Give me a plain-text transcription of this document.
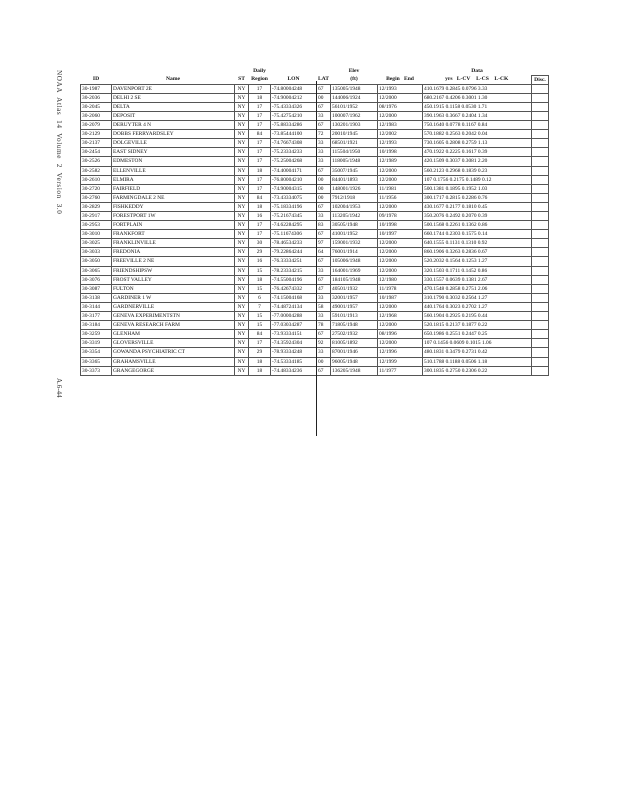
NOAA  Atlas  14  Volume  2  Version  3.0
A.6-44
			Daily			Elev		Data	
ID	Name	ST	Region	LON	LAT	(ft)	Begin End	yrs L-CV L-CS L-CK	Disc.
30-1987	DAVENPORT 2E	NY	17	-74.80004248	67	135005/1948	12/1993	410.1679 0.2845 0.0796 3.33	
30-2036	DELHI 2 SE	NY	18	-74.90004212	00	144006/1924	12/2000	680.2167 0.4206 0.3001 1.30	
30-2045	DELTA	NY	17	-75.43334326	67	56101/1952	08/1976	450.1915 0.1158 0.0530 1.71	
30-2060	DEPOSIT	NY	17	-75.42754210	33	100007/1962	12/2000	390.1963 0.3667 0.2404 1.34	
30-2079	DERUYTER 4 N	NY	17	-75.88334286	67	130201/1903	12/1983	750.1640 0.0778 0.1167 0.84	
30-2129	DOBBS FERRYARDSLEY	NY	84	-73.85444100	72	20010/1945	12/2002	570.1882 0.2563 0.2042 0.04	
30-2137	DOLGEVILLE	NY	17	-74.76674308	33	68501/1921	12/1993	730.1605 0.2808 0.2759 1.13	
30-2454	EAST SIDNEY	NY	17	-75.23334233	33	115504/1950	10/1998	470.1922 0.2225 0.1617 0.39	
30-2526	EDMESTON	NY	17	-75.25004268	33	118005/1948	12/1989	420.1509 0.3037 0.3081 2.20	
30-2582	ELLENVILLE	NY	18	-74.40004171	67	35007/1945	12/2000	560.2123 0.2968 0.1839 0.23	
30-2610	ELMIRA	NY	17	-76.80004210	00	84401/1893	12/2000	107 0.1756 0.2175 0.1489 0.12	
30-2720	FAIRFIELD	NY	17	-74.90004315	00	148001/1926	11/1981	500.1381 0.1895 0.1952 1.03	
30-2760	FARMINGDALE 2 NE	NY	84	-73.43334075	00	7912/1918	11/1956	300.1717 0.2815 0.2286 0.76	
30-2829	FISHKEDDY	NY	18	-75.18334196	67	102004/1953	12/2000	430.1677 0.2177 0.1810 0.45	
30-2917	FORESTPORT 1W	NY	16	-75.21674345	33	113205/1942	09/1978	350.2076 0.2492 0.2070 0.39	
30-2953	FORTPLAIN	NY	17	-74.62284295	83	30505/1948	10/1998	500.1568 0.2261 0.1362 0.86	
30-3010	FRANKFORT	NY	17	-75.11674306	67	41001/1952	10/1997	660.1744 0.2303 0.1575 0.14	
30-3025	FRANKLINVILLE	NY	30	-78.46534233	97	159001/1932	12/2000	640.1555 0.1131 0.1310 0.92	
30-3033	FREDONIA	NY	29	-79.22864244	64	76001/1914	12/2000	860.1906 0.3263 0.2836 0.67	
30-3050	FREEVILLE 2 NE	NY	16	-76.33334251	67	105006/1948	12/2000	520.2032 0.1564 0.1253 1.27	
30-3065	FRIENDSHIPSW	NY	15	-78.23334215	33	164001/1969	12/2000	320.1503 0.1711 0.1452 0.86	
30-3076	FROST VALLEY	NY	18	-74.55004196	67	184105/1948	12/1980	330.1557 0.0639 0.1381 2.67	
30-3087	FULTON	NY	15	-76.42674332	47	40501/1932	11/1978	470.1548 0.2858 0.2751 2.06	
30-3138	GARDINER 1 W	NY	6	-74.15004168	33	32001/1957	10/1987	310.1790 0.3032 0.2564 1.27	
30-3144	GARDNERVILLE	NY	7	-74.48724134	58	49001/1957	12/2000	440.1764 0.3023 0.2702 1.27	
30-3177	GENEVA EXPERIMENTSTN	NY	15	-77.00004288	33	59101/1913	12/1968	560.1904 0.2925 0.2195 0.44	
30-3184	GENEVA RESEARCH FARM	NY	15	-77.03034287	78	71805/1948	12/2000	520.1815 0.2137 0.1877 0.22	
30-3259	GLENHAM	NY	84	-73.93334151	67	27502/1932	08/1996	650.1986 0.2551 0.2447 0.25	
30-3319	GLOVERSVILLE	NY	17	-74.35924304	92	81005/1892	12/2000	107 0.1456 0.0609 0.1015 1.06	
30-3354	GOWANDA PSYCHIATRIC CT	NY	29	-78.93334248	33	87001/1946	12/1996	480.1831 0.3479 0.2731 0.42	
30-3365	GRAHAMSVILLE	NY	18	-74.53334185	00	96005/1948	12/1999	510.1788 0.1188 0.0506 1.18	
30-3373	GRANGEGORGE	NY	18	-74.48334236	67	136205/1948	11/1977	300.1835 0.2750 0.2306 0.22	
